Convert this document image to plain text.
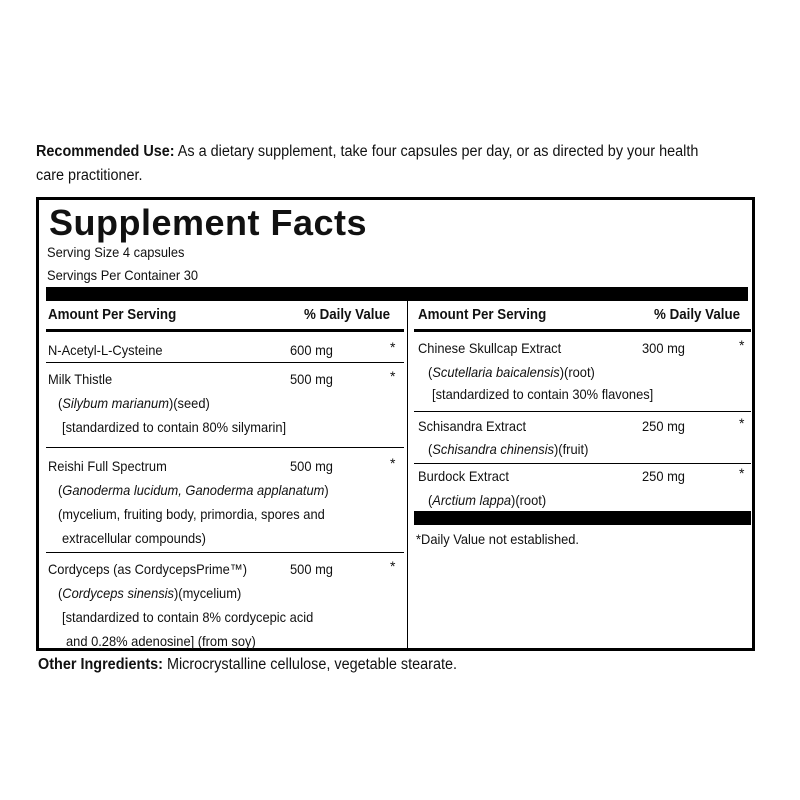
Recommended Use: As a dietary supplement, take four capsules per day, or as directed by your health
care practitioner.
Supplement Facts
Serving Size 4 capsules
Servings Per Container 30
Amount Per Serving	% Daily Value
N-Acetyl-L-Cysteine	600 mg	*
Milk Thistle	500 mg	*
(Silybum marianum)(seed)
[standardized to contain 80% silymarin]
Reishi Full Spectrum	500 mg	*
(Ganoderma lucidum, Ganoderma applanatum)
(mycelium, fruiting body, primordia, spores and
extracellular compounds)
Cordyceps (as CordycepsPrime™)	500 mg	*
(Cordyceps sinensis)(mycelium)
[standardized to contain 8% cordycepic acid
and 0.28% adenosine] (from soy)
Amount Per Serving	% Daily Value
Chinese Skullcap Extract	300 mg	*
(Scutellaria baicalensis)(root)
[standardized to contain 30% flavones]
Schisandra Extract	250 mg	*
(Schisandra chinensis)(fruit)
Burdock Extract	250 mg	*
(Arctium lappa)(root)
*Daily Value not established.
Other Ingredients: Microcrystalline cellulose, vegetable stearate.
